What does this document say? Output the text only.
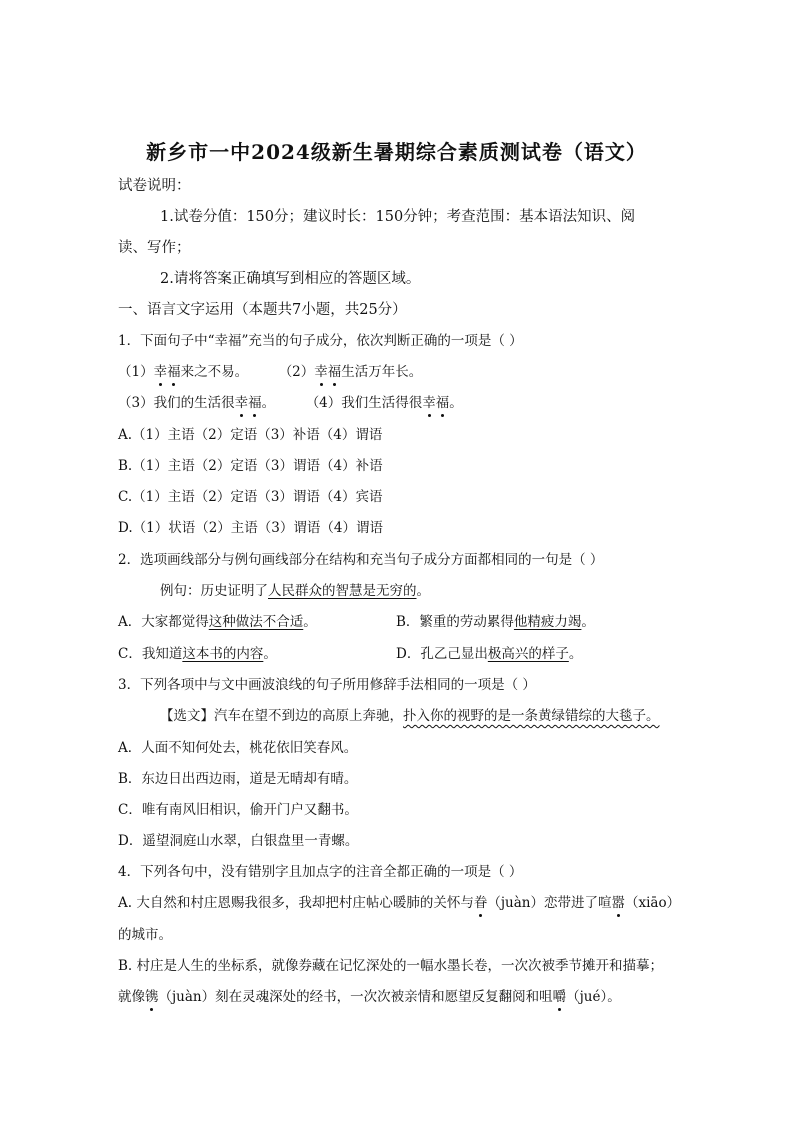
新乡市一中2024级新生暑期综合素质测试卷（语文）
试卷说明：
1.试卷分值：150分；建议时长：150分钟；考查范围：基本语法知识、阅
读、写作；
2.请将答案正确填写到相应的答题区域。
一、语言文字运用（本题共7小题，共25分）
1．下面句子中“幸福”充当的句子成分，依次判断正确的一项是（ ）
（1）幸福来之不易。 （2）幸福生活万年长。
（3）我们的生活很幸福。 （4）我们生活得很幸福。
A.（1）主语（2）定语（3）补语（4）谓语
B.（1）主语（2）定语（3）谓语（4）补语
C.（1）主语（2）定语（3）谓语（4）宾语
D.（1）状语（2）主语（3）谓语（4）谓语
2．选项画线部分与例句画线部分在结构和充当句子成分方面都相同的一句是（ ）
例句：历史证明了人民群众的智慧是无穷的。
A．大家都觉得这种做法不合适。	B．繁重的劳动累得他精疲力竭。
C．我知道这本书的内容。	D．孔乙己显出极高兴的样子。
3．下列各项中与文中画波浪线的句子所用修辞手法相同的一项是（ ）
【选文】汽车在望不到边的高原上奔驰，扑入你的视野的是一条黄绿错综的大毯子。
A．人面不知何处去，桃花依旧笑春风。
B．东边日出西边雨，道是无晴却有晴。
C．唯有南风旧相识，偷开门户又翻书。
D．遥望洞庭山水翠，白银盘里一青螺。
4．下列各句中，没有错别字且加点字的注音全都正确的一项是（ ）
A. 大自然和村庄恩赐我很多，我却把村庄帖心暖肺的关怀与眷（juàn）恋带进了喧嚣（xiāo）
的城市。
B. 村庄是人生的坐标系，就像券藏在记忆深处的一幅水墨长卷，一次次被季节摊开和描摹；
就像镌（juàn）刻在灵魂深处的经书，一次次被亲情和愿望反复翻阅和咀嚼（jué）。
